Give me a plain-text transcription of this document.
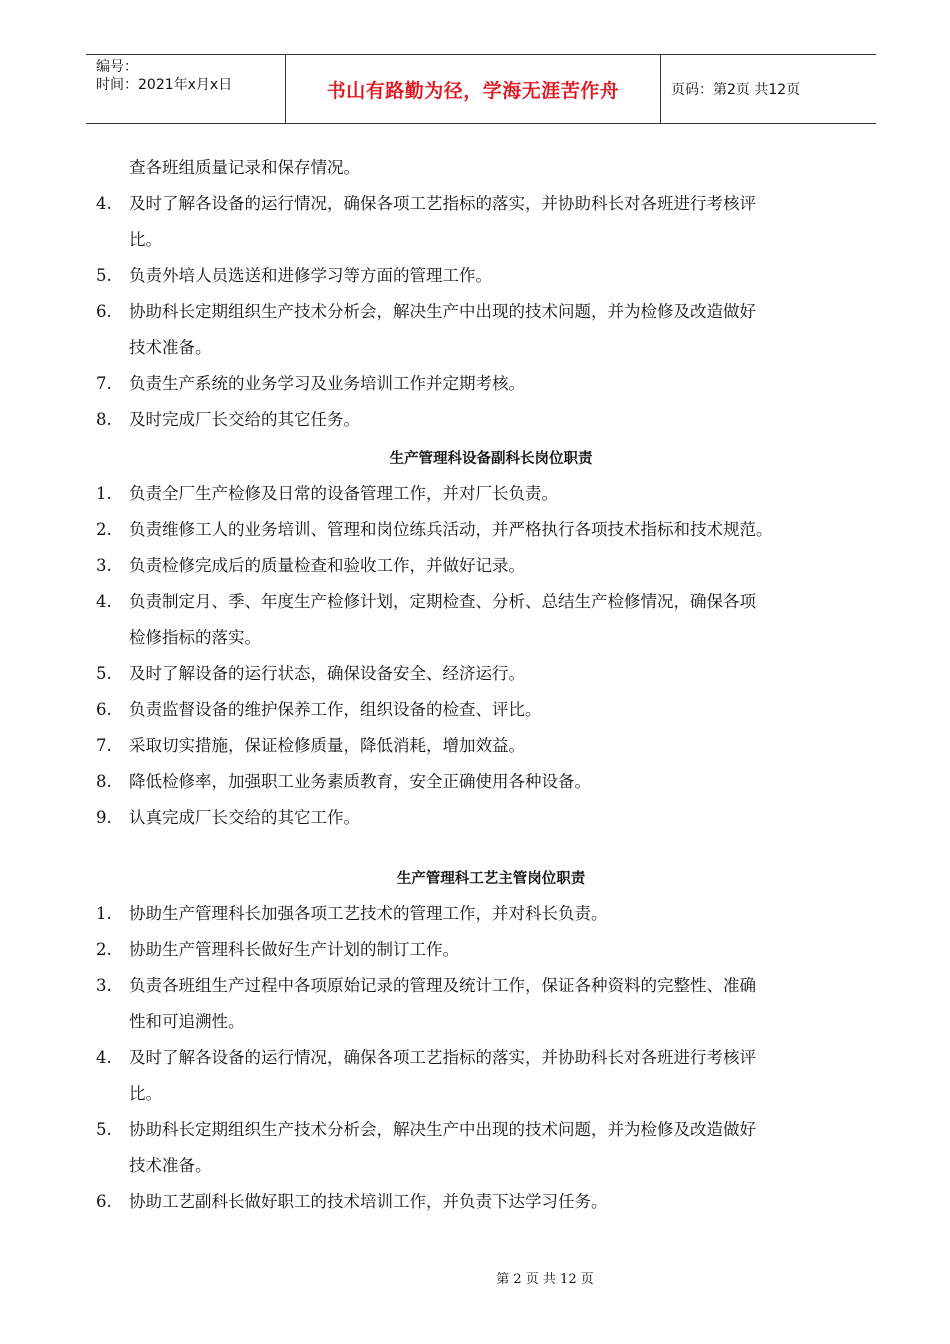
编号：
时间：2021年x月x日	书山有路勤为径，学海无涯苦作舟	页码：第2页 共12页
查各班组质量记录和保存情况。
4. 及时了解各设备的运行情况，确保各项工艺指标的落实，并协助科长对各班进行考核评
比。
5. 负责外培人员选送和进修学习等方面的管理工作。
6. 协助科长定期组织生产技术分析会，解决生产中出现的技术问题，并为检修及改造做好
技术准备。
7. 负责生产系统的业务学习及业务培训工作并定期考核。
8. 及时完成厂长交给的其它任务。
生产管理科设备副科长岗位职责
1. 负责全厂生产检修及日常的设备管理工作，并对厂长负责。
2. 负责维修工人的业务培训、管理和岗位练兵活动，并严格执行各项技术指标和技术规范。
3. 负责检修完成后的质量检查和验收工作，并做好记录。
4. 负责制定月、季、年度生产检修计划，定期检查、分析、总结生产检修情况，确保各项
检修指标的落实。
5. 及时了解设备的运行状态，确保设备安全、经济运行。
6. 负责监督设备的维护保养工作，组织设备的检查、评比。
7. 采取切实措施，保证检修质量，降低消耗，增加效益。
8. 降低检修率，加强职工业务素质教育，安全正确使用各种设备。
9. 认真完成厂长交给的其它工作。
生产管理科工艺主管岗位职责
1. 协助生产管理科长加强各项工艺技术的管理工作，并对科长负责。
2. 协助生产管理科长做好生产计划的制订工作。
3. 负责各班组生产过程中各项原始记录的管理及统计工作，保证各种资料的完整性、准确
性和可追溯性。
4. 及时了解各设备的运行情况，确保各项工艺指标的落实，并协助科长对各班进行考核评
比。
5. 协助科长定期组织生产技术分析会，解决生产中出现的技术问题，并为检修及改造做好
技术准备。
6. 协助工艺副科长做好职工的技术培训工作，并负责下达学习任务。
第 2 页 共 12 页
